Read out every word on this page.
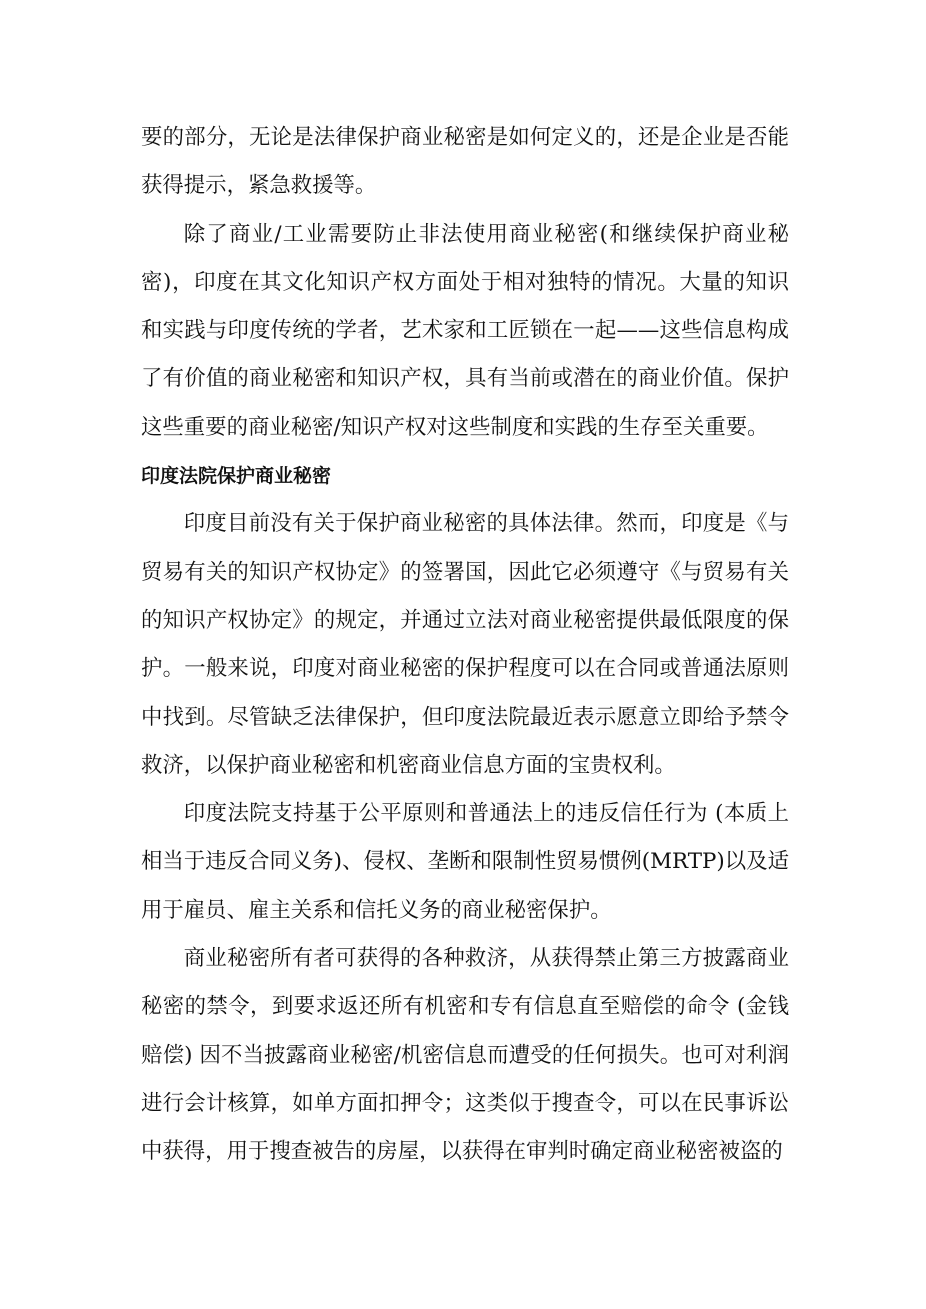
要的部分，无论是法律保护商业秘密是如何定义的，还是企业是否能获得提示，紧急救援等。

除了商业/工业需要防止非法使用商业秘密(和继续保护商业秘密)，印度在其文化知识产权方面处于相对独特的情况。大量的知识和实践与印度传统的学者，艺术家和工匠锁在一起——这些信息构成了有价值的商业秘密和知识产权，具有当前或潜在的商业价值。保护这些重要的商业秘密/知识产权对这些制度和实践的生存至关重要。

印度法院保护商业秘密

印度目前没有关于保护商业秘密的具体法律。然而，印度是《与贸易有关的知识产权协定》的签署国，因此它必须遵守《与贸易有关的知识产权协定》的规定，并通过立法对商业秘密提供最低限度的保护。一般来说，印度对商业秘密的保护程度可以在合同或普通法原则中找到。尽管缺乏法律保护，但印度法院最近表示愿意立即给予禁令救济，以保护商业秘密和机密商业信息方面的宝贵权利。

印度法院支持基于公平原则和普通法上的违反信任行为 (本质上相当于违反合同义务)、侵权、垄断和限制性贸易惯例(MRTP)以及适用于雇员、雇主关系和信托义务的商业秘密保护。

商业秘密所有者可获得的各种救济，从获得禁止第三方披露商业秘密的禁令，到要求返还所有机密和专有信息直至赔偿的命令 (金钱赔偿) 因不当披露商业秘密/机密信息而遭受的任何损失。也可对利润进行会计核算，如单方面扣押令；这类似于搜查令，可以在民事诉讼中获得，用于搜查被告的房屋，以获得在审判时确定商业秘密被盗的
